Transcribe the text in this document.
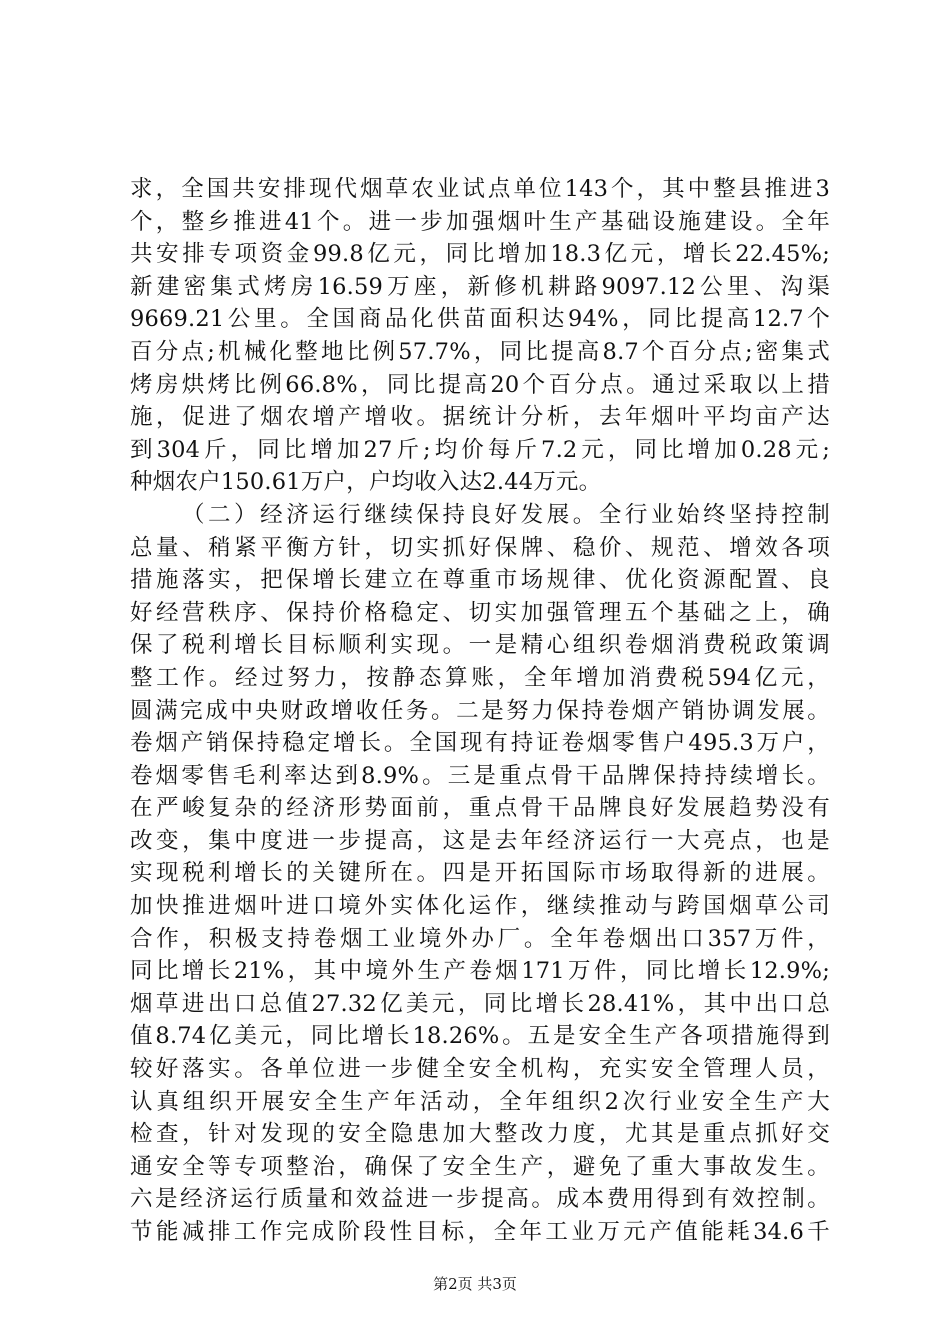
求，全国共安排现代烟草农业试点单位143个，其中整县推进3
个，整乡推进41个。进一步加强烟叶生产基础设施建设。全年
共安排专项资金99.8亿元，同比增加18.3亿元，增长22.45%;
新建密集式烤房16.59万座，新修机耕路9097.12公里、沟渠
9669.21公里。全国商品化供苗面积达94%，同比提高12.7个
百分点;机械化整地比例57.7%，同比提高8.7个百分点;密集式
烤房烘烤比例66.8%，同比提高20个百分点。通过采取以上措
施，促进了烟农增产增收。据统计分析，去年烟叶平均亩产达
到304斤，同比增加27斤;均价每斤7.2元，同比增加0.28元;
种烟农户150.61万户，户均收入达2.44万元。
（二）经济运行继续保持良好发展。全行业始终坚持控制
总量、稍紧平衡方针，切实抓好保牌、稳价、规范、增效各项
措施落实，把保增长建立在尊重市场规律、优化资源配置、良
好经营秩序、保持价格稳定、切实加强管理五个基础之上，确
保了税利增长目标顺利实现。一是精心组织卷烟消费税政策调
整工作。经过努力，按静态算账，全年增加消费税594亿元，
圆满完成中央财政增收任务。二是努力保持卷烟产销协调发展。
卷烟产销保持稳定增长。全国现有持证卷烟零售户495.3万户，
卷烟零售毛利率达到8.9%。三是重点骨干品牌保持持续增长。
在严峻复杂的经济形势面前，重点骨干品牌良好发展趋势没有
改变，集中度进一步提高，这是去年经济运行一大亮点，也是
实现税利增长的关键所在。四是开拓国际市场取得新的进展。
加快推进烟叶进口境外实体化运作，继续推动与跨国烟草公司
合作，积极支持卷烟工业境外办厂。全年卷烟出口357万件，
同比增长21%，其中境外生产卷烟171万件，同比增长12.9%;
烟草进出口总值27.32亿美元，同比增长28.41%，其中出口总
值8.74亿美元，同比增长18.26%。五是安全生产各项措施得到
较好落实。各单位进一步健全安全机构，充实安全管理人员，
认真组织开展安全生产年活动，全年组织2次行业安全生产大
检查，针对发现的安全隐患加大整改力度，尤其是重点抓好交
通安全等专项整治，确保了安全生产，避免了重大事故发生。
六是经济运行质量和效益进一步提高。成本费用得到有效控制。
节能减排工作完成阶段性目标，全年工业万元产值能耗34.6千
第2页 共3页
